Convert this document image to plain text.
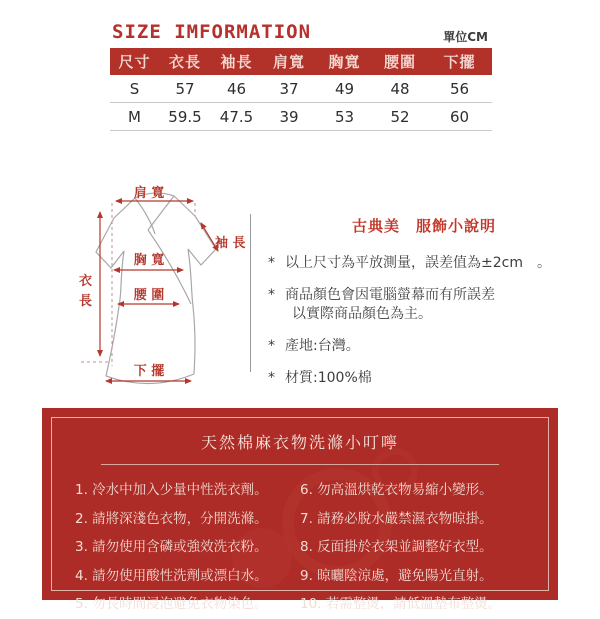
SIZE IMFORMATION	單位CM
尺寸	衣長	袖長	肩寬	胸寬	腰圍	下擺
S	57	46	37	49	48	56
M	59.5	47.5	39	53	52	60
肩 寬
袖 長
胸 寬
腰 圍
下 擺
衣
長
古典美　服飾小說明
* 以上尺寸為平放測量，誤差值為±2cm　。
* 商品顏色會因電腦螢幕而有所誤差
以實際商品顏色為主。
* 產地:台灣。
* 材質:100%棉
天然棉麻衣物洗滌小叮嚀
1. 冷水中加入少量中性洗衣劑。
2. 請將深淺色衣物，分開洗滌。
3. 請勿使用含磷或強效洗衣粉。
4. 請勿使用酸性洗劑或漂白水。
5. 勿長時間浸泡避免衣物染色。
6. 勿高溫烘乾衣物易縮小變形。
7. 請務必脫水嚴禁濕衣物晾掛。
8. 反面掛於衣架並調整好衣型。
9. 晾曬陰涼處，避免陽光直射。
10. 若需整燙，請低溫墊布整燙。
